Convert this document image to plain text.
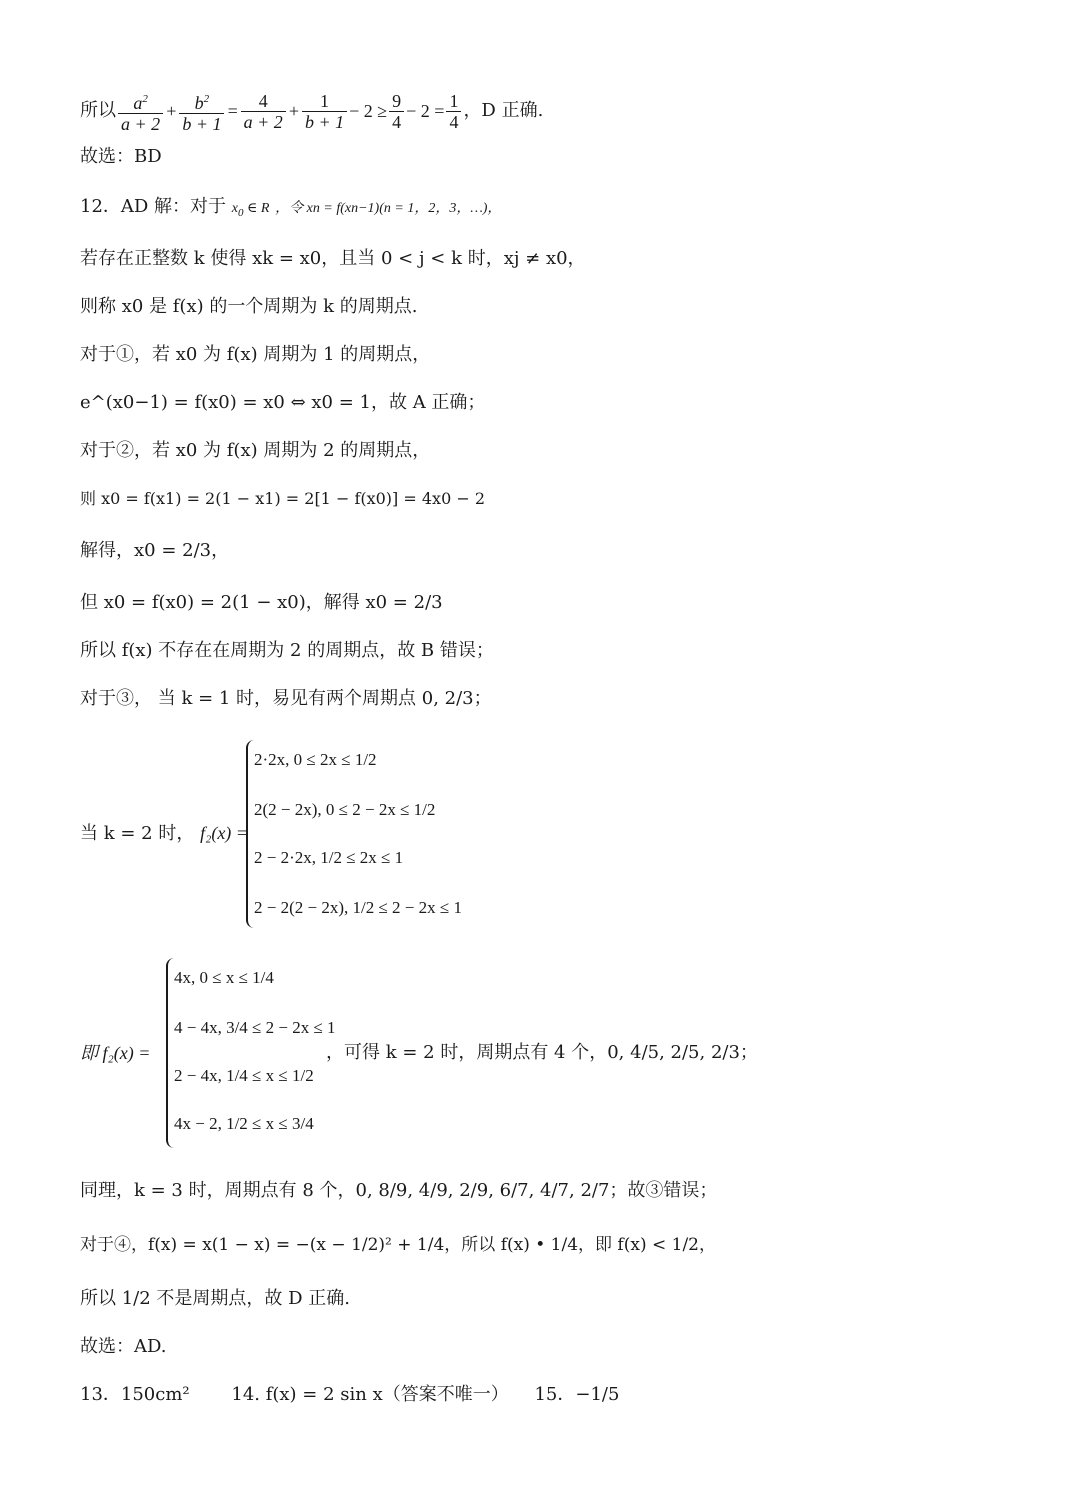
所以 $a^2$
a + 2
+ $b^2$
b + 1
=
4
a + 2
+
1
b + 1
− $2 \ge \frac{9}{4} - 2 = \frac{1}{4}$ ，D 正确.
故选：BD
12．AD 解：对于 $x_0$ ∈ R ，令 xn = f(xn−1)(n = 1，2，3，…)，
若存在正整数 k 使得 xk = x0，且当 0 < j < k 时，xj ≠ x0，
则称 x0 是 f(x) 的一个周期为 k 的周期点.
对于①，若 x0 为 f(x) 周期为 1 的周期点，
e^(x0−1) = f(x0) = x0 ⇔ x0 = 1，故 A 正确；
对于②，若 x0 为 f(x) 周期为 2 的周期点，
则 x0 = f(x1) = 2(1 − x1) = 2[1 − f(x0)] = 4x0 − 2
解得，x0 = 2/3，
但 x0 = f(x0) = 2(1 − x0)，解得 x0 = 2/3
所以 f(x) 不存在在周期为 2 的周期点，故 B 错误；
对于③， 当 k = 1 时，易见有两个周期点 0, 2/3；
当 k = 2 时， f₂(x) =
2·2x, 0 ≤ 2x ≤ 1/2
2(2 − 2x), 0 ≤ 2 − 2x ≤ 1/2
2 − 2·2x, 1/2 ≤ 2x ≤ 1
2 − 2(2 − 2x), 1/2 ≤ 2 − 2x ≤ 1
即 f₂(x) =
4x, 0 ≤ x ≤ 1/4
4 − 4x, 3/4 ≤ 2 − 2x ≤ 1
2 − 4x, 1/4 ≤ x ≤ 1/2
4x − 2, 1/2 ≤ x ≤ 3/4
，可得 k = 2 时，周期点有 4 个，0, 4/5, 2/5, 2/3；
同理，k = 3 时，周期点有 8 个，0, 8/9, 4/9, 2/9, 6/7, 4/7, 2/7；故③错误；
对于④，f(x) = x(1 − x) = −(x − 1/2)² + 1/4，所以 f(x) • 1/4，即 f(x) < 1/2，
所以 1/2 不是周期点，故 D 正确.
故选：AD.
13．150cm² 14. f(x) = 2 sin x（答案不唯一） 15．−1/5
